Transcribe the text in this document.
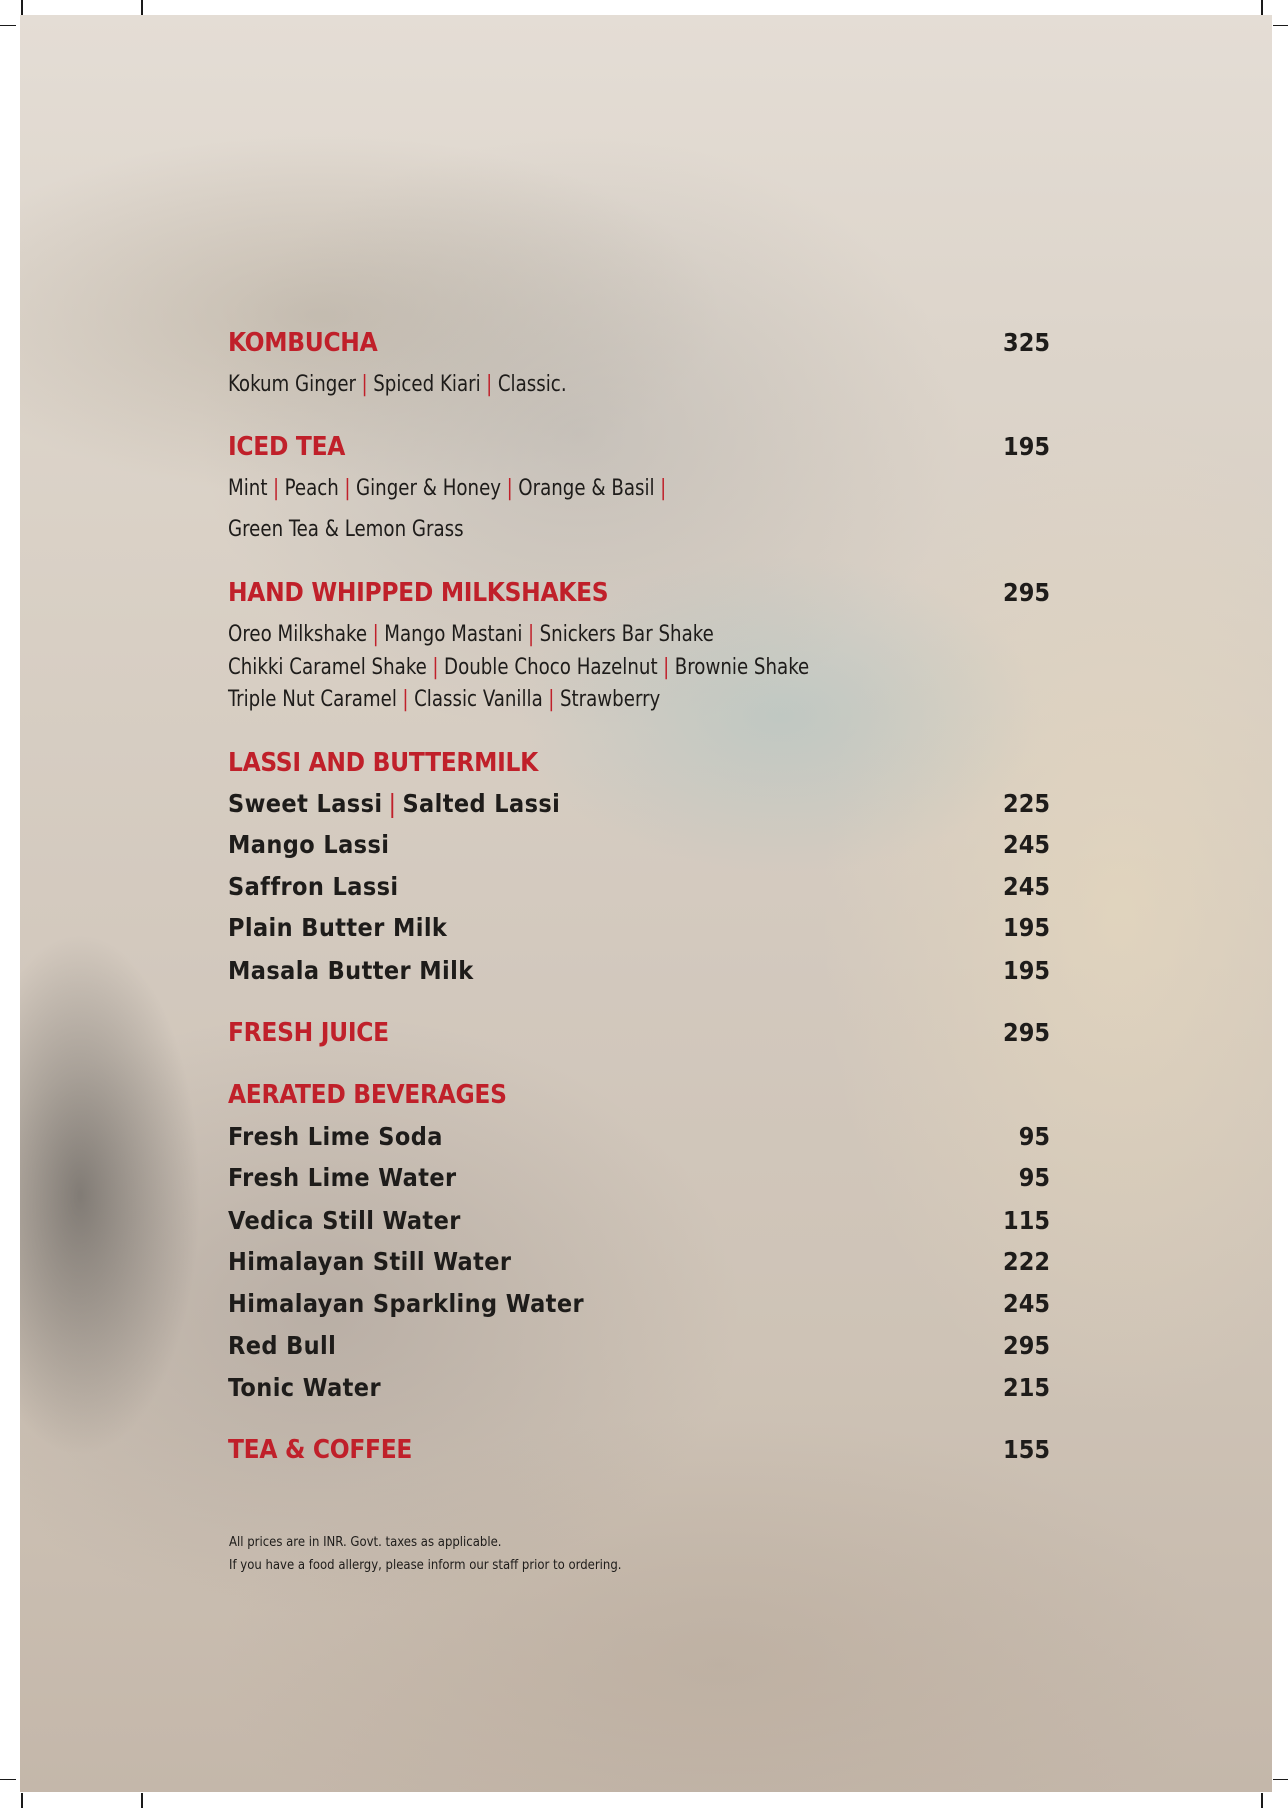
KOMBUCHA	325
Kokum Ginger | Spiced Kiari | Classic.
ICED TEA	195
Mint | Peach | Ginger & Honey | Orange & Basil |
Green Tea & Lemon Grass
HAND WHIPPED MILKSHAKES	295
Oreo Milkshake | Mango Mastani | Snickers Bar Shake
Chikki Caramel Shake | Double Choco Hazelnut | Brownie Shake
Triple Nut Caramel | Classic Vanilla | Strawberry
LASSI AND BUTTERMILK
Sweet Lassi | Salted Lassi	225
Mango Lassi	245
Saffron Lassi	245
Plain Butter Milk	195
Masala Butter Milk	195
FRESH JUICE	295
AERATED BEVERAGES
Fresh Lime Soda	95
Fresh Lime Water	95
Vedica Still Water	115
Himalayan Still Water	222
Himalayan Sparkling Water	245
Red Bull	295
Tonic Water	215
TEA & COFFEE	155
All prices are in INR. Govt. taxes as applicable.
If you have a food allergy, please inform our staff prior to ordering.
